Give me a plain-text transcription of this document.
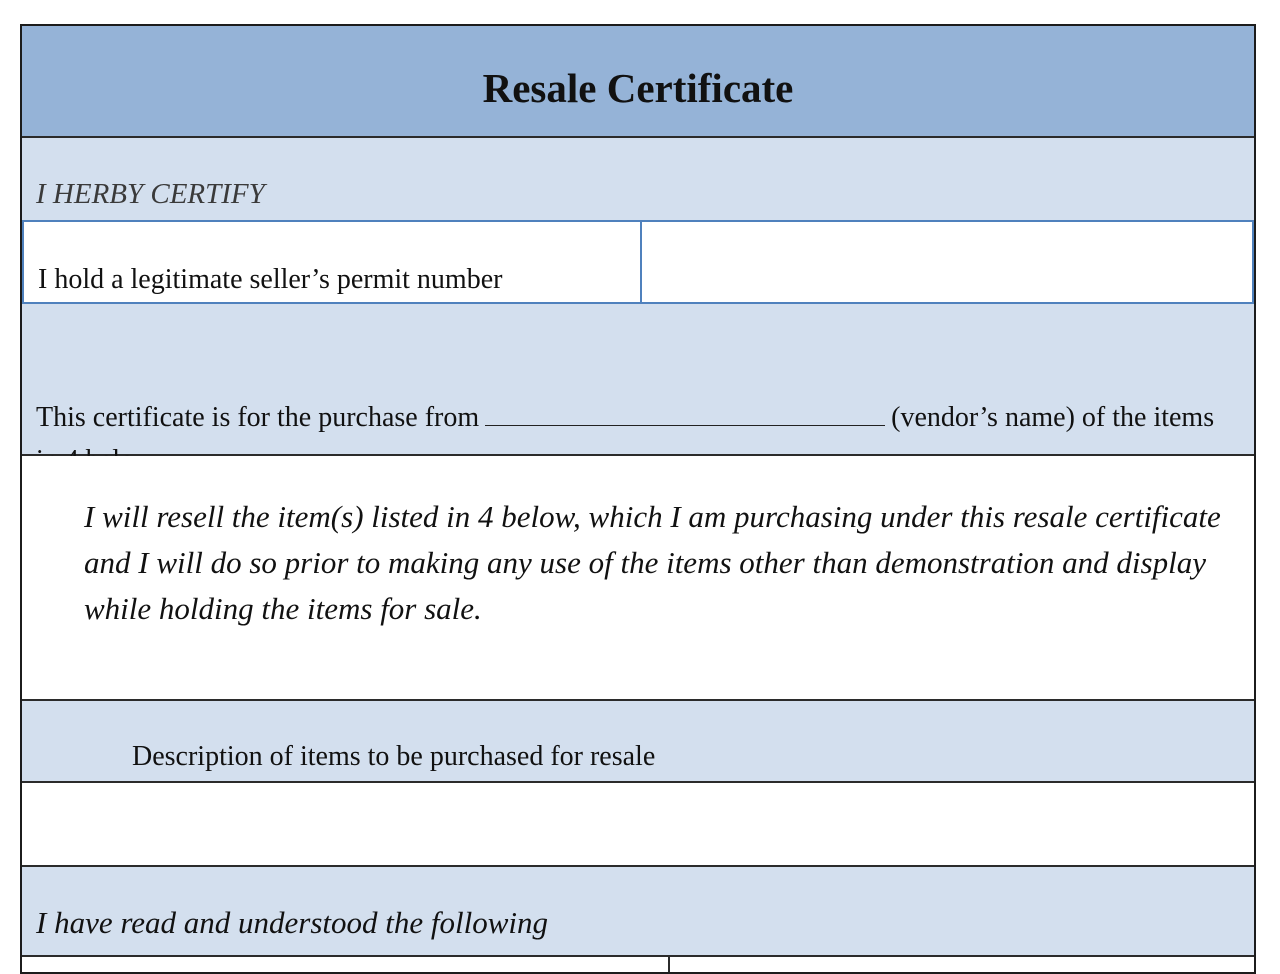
Resale Certificate
I HERBY CERTIFY
I hold a legitimate seller’s permit number
This certificate is for the purchase from	(vendor’s name) of the items
I will resell the item(s) listed in 4 below, which I am purchasing under this resale certificate and I will do so prior to making any use of the items other than demonstration and display while holding the items for sale.
Description of items to be purchased for resale
I have read and understood the following
